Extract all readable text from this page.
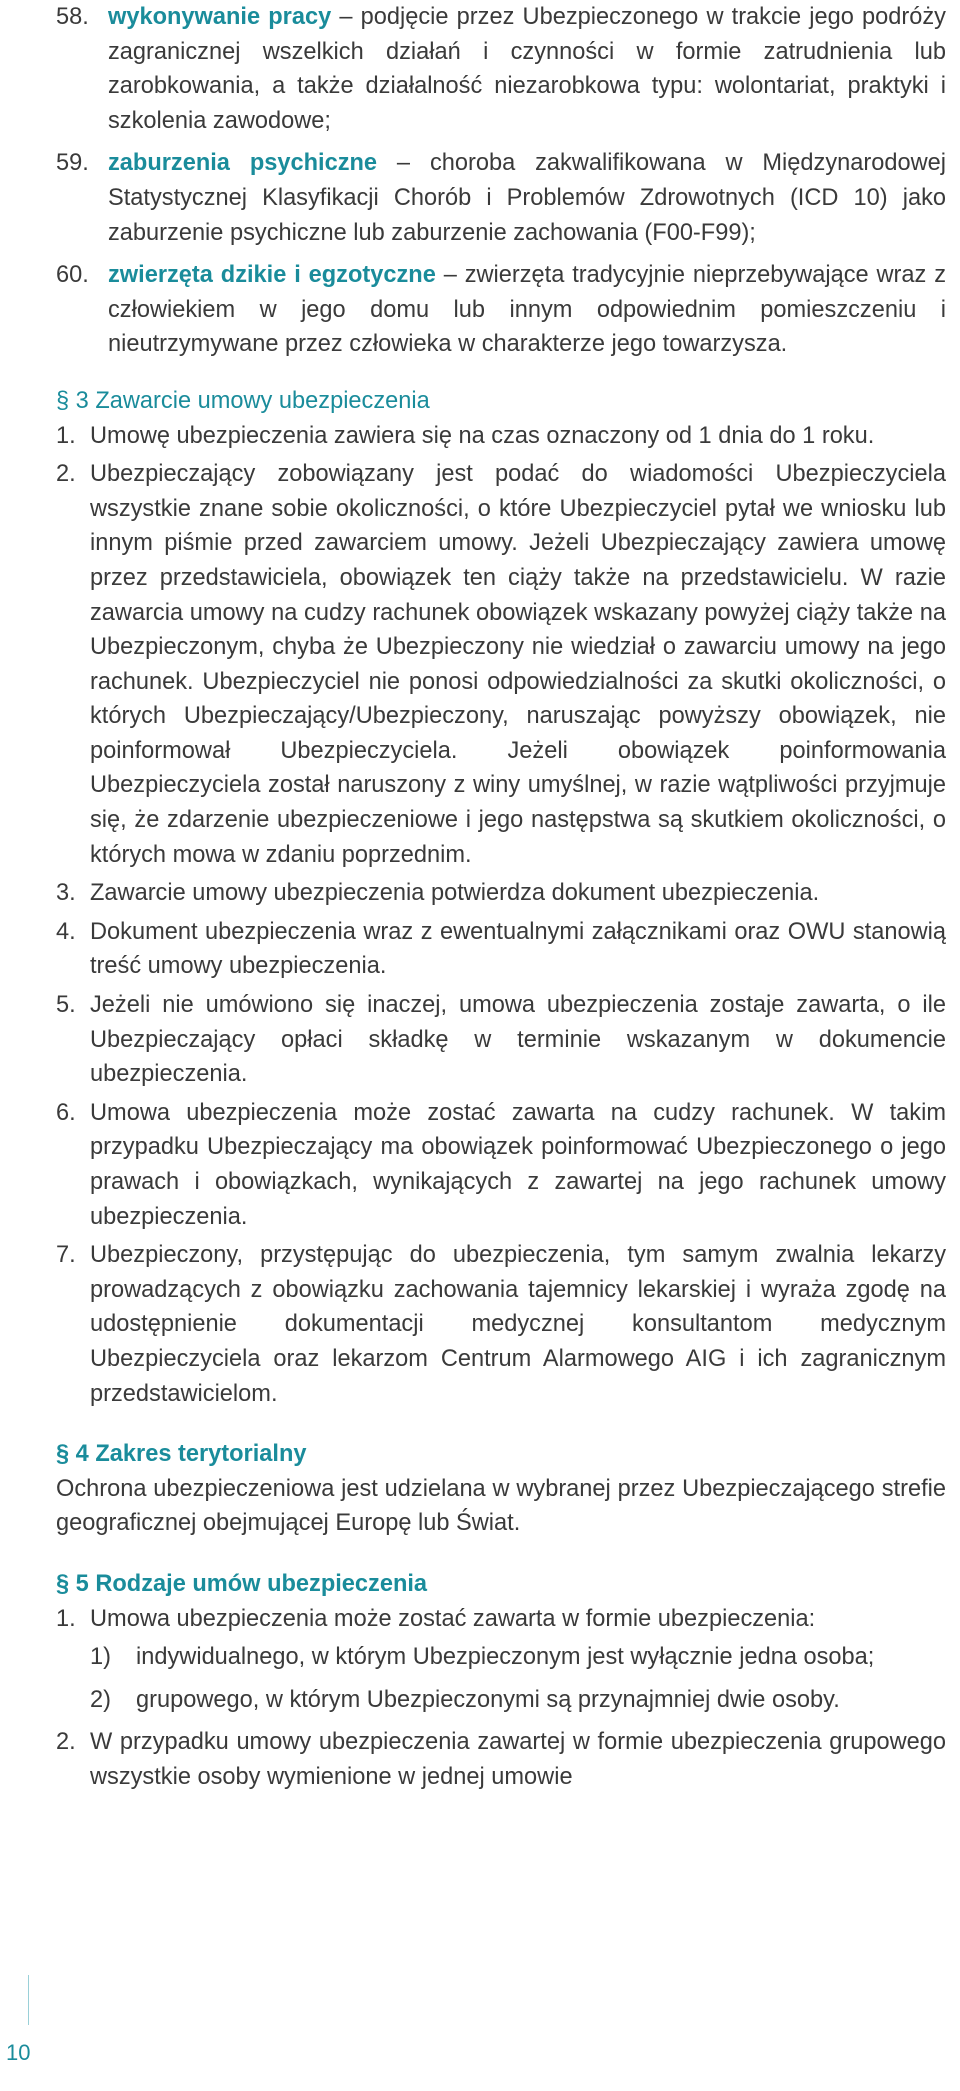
58. wykonywanie pracy – podjęcie przez Ubezpieczonego w trakcie jego podróży zagranicznej wszelkich działań i czynności w formie zatrudnienia lub zarobkowania, a także działalność niezarobkowa typu: wolontariat, praktyki i szkolenia zawodowe;
59. zaburzenia psychiczne – choroba zakwalifikowana w Międzynarodowej Statystycznej Klasyfikacji Chorób i Problemów Zdrowotnych (ICD 10) jako zaburzenie psychiczne lub zaburzenie zachowania (F00-F99);
60. zwierzęta dzikie i egzotyczne – zwierzęta tradycyjnie nieprzebywające wraz z człowiekiem w jego domu lub innym odpowiednim pomieszczeniu i nieutrzymywane przez człowieka w charakterze jego towarzysza.
§ 3 Zawarcie umowy ubezpieczenia
1. Umowę ubezpieczenia zawiera się na czas oznaczony od 1 dnia do 1 roku.
2. Ubezpieczający zobowiązany jest podać do wiadomości Ubezpieczyciela wszystkie znane sobie okoliczności, o które Ubezpieczyciel pytał we wniosku lub innym piśmie przed zawarciem umowy. Jeżeli Ubezpieczający zawiera umowę przez przedstawiciela, obowiązek ten ciąży także na przedstawicielu. W razie zawarcia umowy na cudzy rachunek obowiązek wskazany powyżej ciąży także na Ubezpieczonym, chyba że Ubezpieczony nie wiedział o zawarciu umowy na jego rachunek. Ubezpieczyciel nie ponosi odpowiedzialności za skutki okoliczności, o których Ubezpieczający/Ubezpieczony, naruszając powyższy obowiązek, nie poinformował Ubezpieczyciela. Jeżeli obowiązek poinformowania Ubezpieczyciela został naruszony z winy umyślnej, w razie wątpliwości przyjmuje się, że zdarzenie ubezpieczeniowe i jego następstwa są skutkiem okoliczności, o których mowa w zdaniu poprzednim.
3. Zawarcie umowy ubezpieczenia potwierdza dokument ubezpieczenia.
4. Dokument ubezpieczenia wraz z ewentualnymi załącznikami oraz OWU stanowią treść umowy ubezpieczenia.
5. Jeżeli nie umówiono się inaczej, umowa ubezpieczenia zostaje zawarta, o ile Ubezpieczający opłaci składkę w terminie wskazanym w dokumencie ubezpieczenia.
6. Umowa ubezpieczenia może zostać zawarta na cudzy rachunek. W takim przypadku Ubezpieczający ma obowiązek poinformować Ubezpieczonego o jego prawach i obowiązkach, wynikających z zawartej na jego rachunek umowy ubezpieczenia.
7. Ubezpieczony, przystępując do ubezpieczenia, tym samym zwalnia lekarzy prowadzących z obowiązku zachowania tajemnicy lekarskiej i wyraża zgodę na udostępnienie dokumentacji medycznej konsultantom medycznym Ubezpieczyciela oraz lekarzom Centrum Alarmowego AIG i ich zagranicznym przedstawicielom.
§ 4 Zakres terytorialny

Ochrona ubezpieczeniowa jest udzielana w wybranej przez Ubezpieczającego strefie geograficznej obejmującej Europę lub Świat.

§ 5 Rodzaje umów ubezpieczenia
1. Umowa ubezpieczenia może zostać zawarta w formie ubezpieczenia:
1)	indywidualnego, w którym Ubezpieczonym jest wyłącznie jedna osoba;
2)	grupowego, w którym Ubezpieczonymi są przynajmniej dwie osoby.
2. W przypadku umowy ubezpieczenia zawartej w formie ubezpieczenia grupowego wszystkie osoby wymienione w jednej umowie
10
